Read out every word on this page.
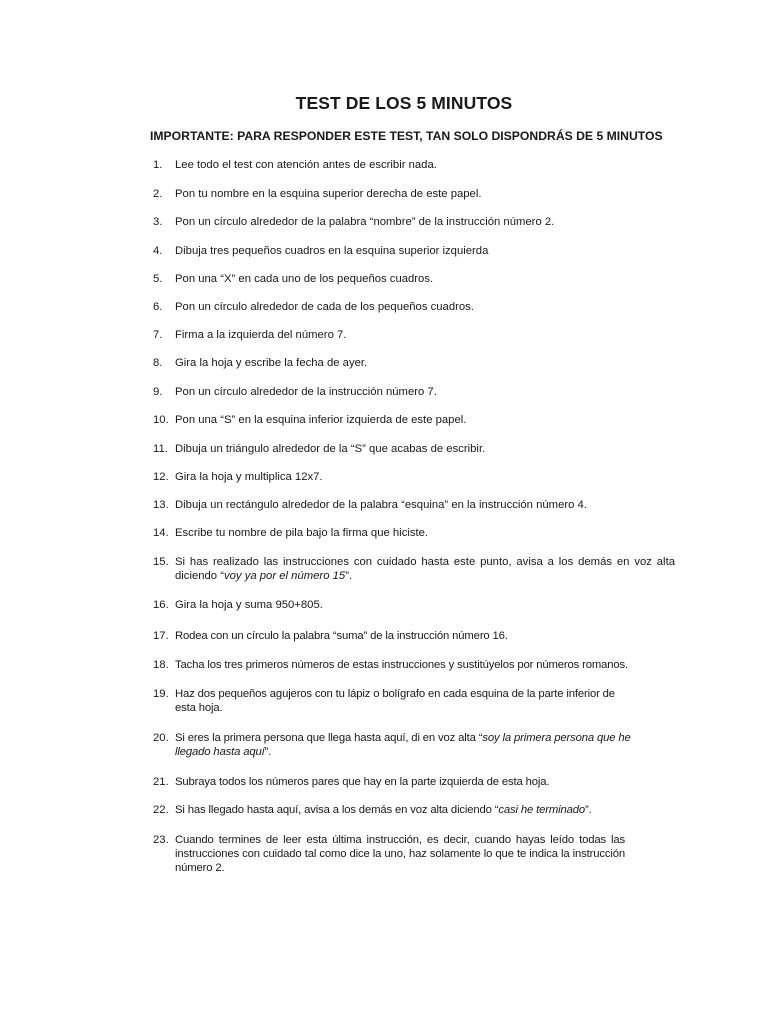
TEST DE LOS 5 MINUTOS

IMPORTANTE: PARA RESPONDER ESTE TEST, TAN SOLO DISPONDRÁS DE 5 MINUTOS

1.	Lee todo el test con atención antes de escribir nada.
2.	Pon tu nombre en la esquina superior derecha de este papel.
3.	Pon un círculo alrededor de la palabra “nombre” de la instrucción número 2.
4.	Dibuja tres pequeños cuadros en la esquina superior izquierda
5.	Pon una “X” en cada uno de los pequeños cuadros.
6.	Pon un círculo alrededor de cada de los pequeños cuadros.
7.	Firma a la izquierda del número 7.
8.	Gira la hoja y escribe la fecha de ayer.
9.	Pon un círculo alrededor de la instrucción número 7.
10. Pon una “S” en la esquina inferior izquierda de este papel.
11. Dibuja un triángulo alrededor de la “S” que acabas de escribir.
12. Gira la hoja y multiplica 12x7.
13. Dibuja un rectángulo alrededor de la palabra “esquina” en la instrucción número 4.
14. Escribe tu nombre de pila bajo la firma que hiciste.
15. Si has realizado las instrucciones con cuidado hasta este punto, avisa a los demás en voz alta diciendo “voy ya por el número 15”.
16. Gira la hoja y suma 950+805.
17. Rodea con un círculo la palabra “suma” de la instrucción número 16.
18. Tacha los tres primeros números de estas instrucciones y sustitúyelos por números romanos.
19. Haz dos pequeños agujeros con tu lápiz o bolígrafo en cada esquina de la parte inferior de esta hoja.
20. Si eres la primera persona que llega hasta aquí, di en voz alta “soy la primera persona que he llegado hasta aquí”.
21. Subraya todos los números pares que hay en la parte izquierda de esta hoja.
22. Si has llegado hasta aquí, avisa a los demás en voz alta diciendo “casi he terminado”.
23. Cuando termines de leer esta última instrucción, es decir, cuando hayas leído todas las instrucciones con cuidado tal como dice la uno, haz solamente lo que te indica la instrucción número 2.
